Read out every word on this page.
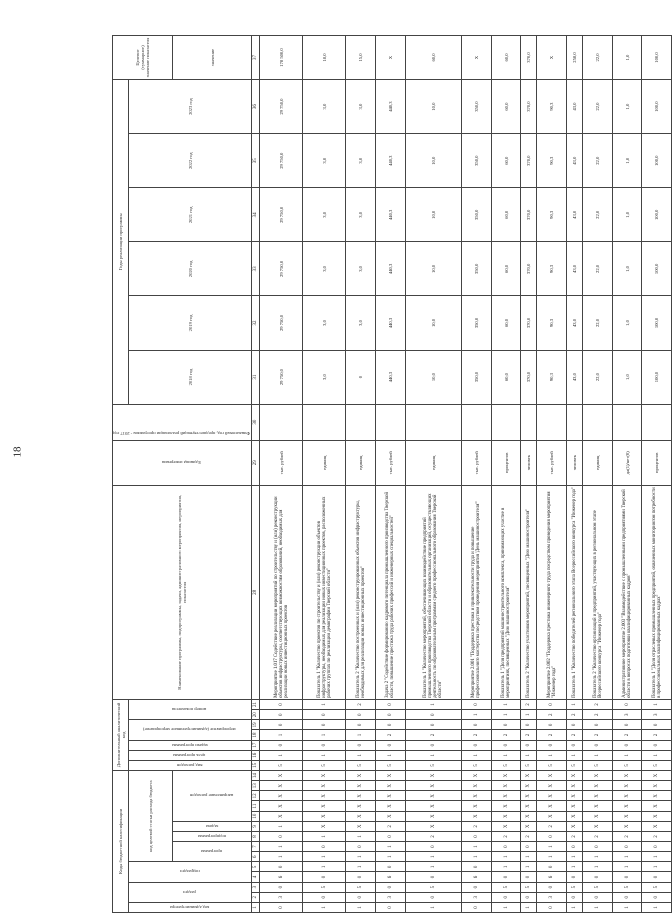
18
Коды бюджетной классификации														Дополнительный аналитический код							Наименование программы, подпрограммы, задачи, административного мероприятия, мероприятия, показателя	Единица измерения	Финансовый год, предшествующий реализации программы - 2017 год	Годы реализации программы						Целевое (суммарное) значение показателя
код администратора	раздел		подраздел		код целевой статьи расхода бюджета									вид расходов	цель программы	задачи программы	мероприятие (административное мероприятие)		номер показателя					2018 год	2019 год	2020 год	2021 год	2022 год	2023 год	
					программа		подпрограмма	задача	направление расходов																					значение
1	2	3	4	5	6	7	8	9	10	11	12	13	14	15	16	17	18	19	20	21	28	29	30	31	32	33	34	35	36	37
0	3	0	6	0	1	1	0	1	Х	Х	Х	Х	Х	5	1	0	1	0	0	0	Мероприятие 1.017 Содействие реализации мероприятий по строительству и (или) реконструкции объектов инфраструктуры, соответствующих возможностям образований, необходимых для реализации новых инвестиционных проектов	тыс. рублей		29 750,0	29 750,0	29 750,0	29 750,0	29 750,0	29 750,0	178 500,0
1	0	5	0	1	1	0	1	Х	Х	Х	Х	Х	Х	5	1	0	1	0	0	1	Показатель 1 "Количество проектов по строительству и (или) реконструкции объектов инфраструктуры, необходимых для реализации новых инвестиционных проектов, расположенных рабочих группах по реализации демографии Тверской области"	единиц		3,0	3,0	3,0	3,0	3,0	3,0	18,0
1	0	5	0	1	1	0	1	Х	Х	Х	Х	Х	Х	5	1	0	1	0	0	2	Показатель 2 "Количество построенных и (или) реконструированных объектов инфраструктуры, необходимых для реализации новых инвестиционных проектов"	единиц		0	3,0	3,0	3,0	3,0	3,0	15,0
0	3	0	6	0	1	1	0	2	Х	Х	Х	Х	Х	5	1	0	2	0	0	0	Задача 2 "Содействие формированию кадрового потенциала промышленного производства Тверской области, повышение престижа труда рабочих профессий и инженерных специальностей"	тыс. рублей		440,3	440,3	440,3	440,3	440,3	440,3	Х
1	0	5	0	1	1	0	2	Х	Х	Х	Х	Х	Х	5	1	0	2	0	0	1	Показатель 1 "Количество мероприятий, обеспечивающих взаимодействие предприятий промышленного производства Тверской области и образовательных организаций, осуществляющих деятельность по образовательным программам среднего профессионального образования Тверской области"	единиц		10,0	10,0	10,0	10,0	10,0	10,0	60,0
0	3	0	6	0	1	1	0	2	Х	Х	Х	Х	Х	5	1	0	2	0	1	0	Мероприятие 2.001 "Поддержка престижа и привлекательности труда и повышение профессионального мастерства посредством проведения мероприятия 'День машиностроителя'"	тыс. рублей		350,0	350,0	350,0	350,0	350,0	350,0	Х
1	0	5	0	1	1	0	2	Х	Х	Х	Х	Х	Х	5	1	0	2	0	1	1	Показатель 1 "Доля предприятий машиностроительного комплекса, принимающих участие в мероприятиях, посвященных "Дню машиностроителя"	процентов		60,0	60,0	60,0	60,0	60,0	60,0	60,0
1	0	5	0	1	1	0	2	Х	Х	Х	Х	Х	Х	5	1	0	2	0	1	2	Показатель 2 "Количество участников мероприятий, посвященных "Дню машиностроителя"	человек		370,0	370,0	370,0	370,0	370,0	370,0	370,0
0	3	0	6	0	1	1	0	2	Х	Х	Х	Х	Х	5	1	0	2	0	2	0	Мероприятие 2.002 "Поддержка престижа инженерного труда посредством проведения мероприятия "Инженер года"	тыс. рублей		90,3	90,3	90,3	90,3	90,3	90,3	Х
1	0	5	0	1	1	0	2	Х	Х	Х	Х	Х	Х	5	1	0	2	0	2	1	Показатель 1 "Количество победителей регионального этапа Всероссийского конкурса "Инженер года"	человек		43,0	43,0	43,0	43,0	43,0	43,0	258,0
1	0	5	0	1	1	0	2	Х	Х	Х	Х	Х	Х	5	1	0	2	0	2	2	Показатель 2 "Количество организаций и предприятий, участвующих в региональном этапе Всероссийского конкурса "Инженер года"	единиц		22,0	22,0	22,0	22,0	22,0	22,0	22,0
1	0	5	0	1	1	0	2	Х	Х	Х	Х	Х	Х	5	1	0	2	0	3	0	Административное мероприятие 2.003 "Взаимодействие с промышленными предприятиями Тверской области в вопросах подготовки квалифицированных кадров"	да(1)/нет(0)		1,0	1,0	1,0	1,0	1,0	1,0	1,0
1	0	5	0	1	1	0	2	Х	Х	Х	Х	Х	Х	5	1	0	2	0	3	1	Показатель 1 "Доля отраслевых промышленных предприятий, охваченных мониторингом потребности в профессиональных квалифицированных кадрах"	процентов		100,0	100,0	100,0	100,0	100,0	100,0	100,0
